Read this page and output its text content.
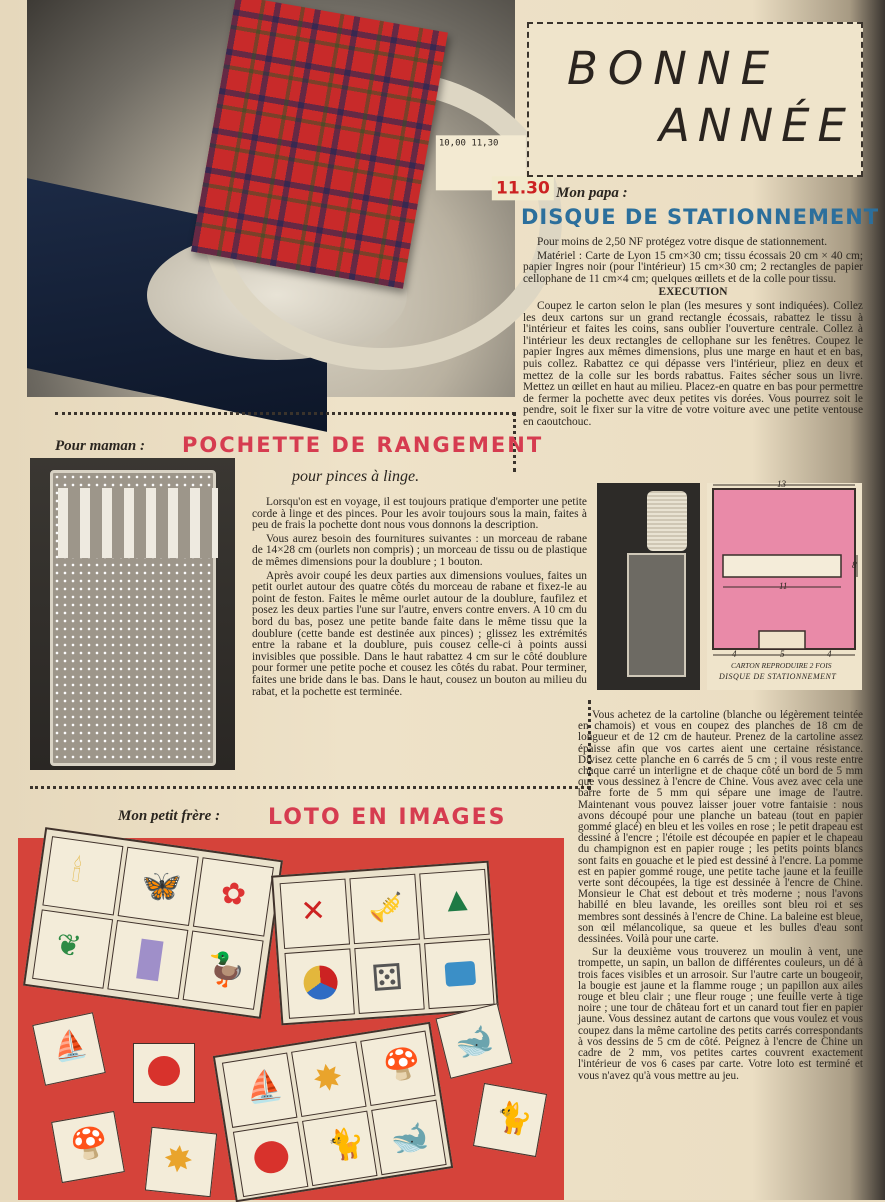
10,00 11,30
11.30
BONNE
ANNÉE
Mon papa :
DISQUE DE STATIONNEMENT

Pour moins de 2,50 NF protégez votre disque de stationnement.

Matériel : Carte de Lyon 15 cm×30 cm; tissu écossais 20 cm × 40 cm; papier Ingres noir (pour l'intérieur) 15 cm×30 cm; 2 rectangles de papier cellophane de 11 cm×4 cm; quelques œillets et de la colle pour tissu.

EXECUTION

Coupez le carton selon le plan (les mesures y sont indiquées). Collez les deux cartons sur un grand rectangle écossais, rabattez le tissu à l'intérieur et faites les coins, sans oublier l'ouverture centrale. Collez à l'intérieur les deux rectangles de cellophane sur les fenêtres. Coupez le papier Ingres aux mêmes dimensions, plus une marge en haut et en bas, puis collez. Rabattez ce qui dépasse vers l'intérieur, pliez en deux et mettez de la colle sur les bords rabattus. Faites sécher sous un livre. Mettez un œillet en haut au milieu. Placez-en quatre en bas pour permettre de fermer la pochette avec deux petites vis dorées. Vous pourrez soit le pendre, soit le fixer sur la vitre de votre voiture avec une petite ventouse en caoutchouc.

Pour maman : POCHETTE DE RANGEMENT
pour pinces à linge.

Lorsqu'on est en voyage, il est toujours pratique d'emporter une petite corde à linge et des pinces. Pour les avoir toujours sous la main, faites à peu de frais la pochette dont nous vous donnons la description.

Vous aurez besoin des fournitures suivantes : un morceau de rabane de 14×28 cm (ourlets non compris) ; un morceau de tissu ou de plastique de mêmes dimensions pour la doublure ; 1 bouton.

Après avoir coupé les deux parties aux dimensions voulues, faites un petit ourlet autour des quatre côtés du morceau de rabane et fixez-le au point de feston. Faites le même ourlet autour de la doublure, faufilez et posez les deux parties l'une sur l'autre, envers contre envers. A 10 cm du bord du bas, posez une petite bande faite dans le même tissu que la doublure (cette bande est destinée aux pinces) ; glissez les extrémités entre la rabane et la doublure, puis cousez celle-ci à points aussi invisibles que possible. Dans le haut rabattez 4 cm sur le côté doublure pour former une petite poche et cousez les côtés du rabat. Pour terminer, faites une bride dans le bas. Dans le haut, cousez un bouton au milieu du rabat, et la pochette est terminée.

13
11
8
4	5	4
CARTON REPRODUIRE 2 FOIS
DISQUE DE STATIONNEMENT
Mon petit frère : LOTO EN IMAGES

Vous achetez de la cartoline (blanche ou légèrement teintée en chamois) et vous en coupez des planches de 18 cm de longueur et de 12 cm de hauteur. Prenez de la cartoline assez épaisse afin que vos cartes aient une certaine résistance. Divisez cette planche en 6 carrés de 5 cm ; il vous reste entre chaque carré un interligne et de chaque côté un bord de 5 mm que vous dessinez à l'encre de Chine. Vous avez avec cela une barre forte de 5 mm qui sépare une image de l'autre. Maintenant vous pouvez laisser jouer votre fantaisie : nous avons découpé pour une planche un bateau (tout en papier gommé glacé) en bleu et les voiles en rose ; le petit drapeau est dessiné à l'encre ; l'étoile est découpée en papier et le chapeau du champignon est en papier rouge ; les petits points blancs sont faits en gouache et le pied est dessiné à l'encre. La pomme est en papier gommé rouge, une petite tache jaune et la feuille verte sont découpées, la tige est dessinée à l'encre de Chine. Monsieur le Chat est debout et très moderne ; nous l'avons habillé en bleu lavande, les oreilles sont bleu roi et ses membres sont dessinés à l'encre de Chine. La baleine est bleue, son œil mélancolique, sa queue et les bulles d'eau sont dessinées. Voilà pour une carte.

Sur la deuxième vous trouverez un moulin à vent, une trompette, un sapin, un ballon de différentes couleurs, un dé à trois faces visibles et un arrosoir. Sur l'autre carte un bougeoir, la bougie est jaune et la flamme rouge ; un papillon aux ailes rouge et bleu clair ; une fleur rouge ; une feuille verte à tige noire ; une tour de château fort et un canard tout fier en papier jaune. Vous dessinez autant de cartons que vous voulez et vous coupez dans la même cartoline des petits carrés correspondants à vos dessins de 5 cm de côté. Peignez à l'encre de Chine un cadre de 2 mm, vos petites cartes couvrent exactement l'intérieur de vos 6 cases par carte. Votre loto est terminé et vous n'avez qu'à vous mettre au jeu.

🕯 🦋 ✿
❦
🦆
✕ 🎺 ▲
⚄
⛵ ✸ 🍄
🐈 🐋
⛵
🍄 ✸
🐋
🐈
